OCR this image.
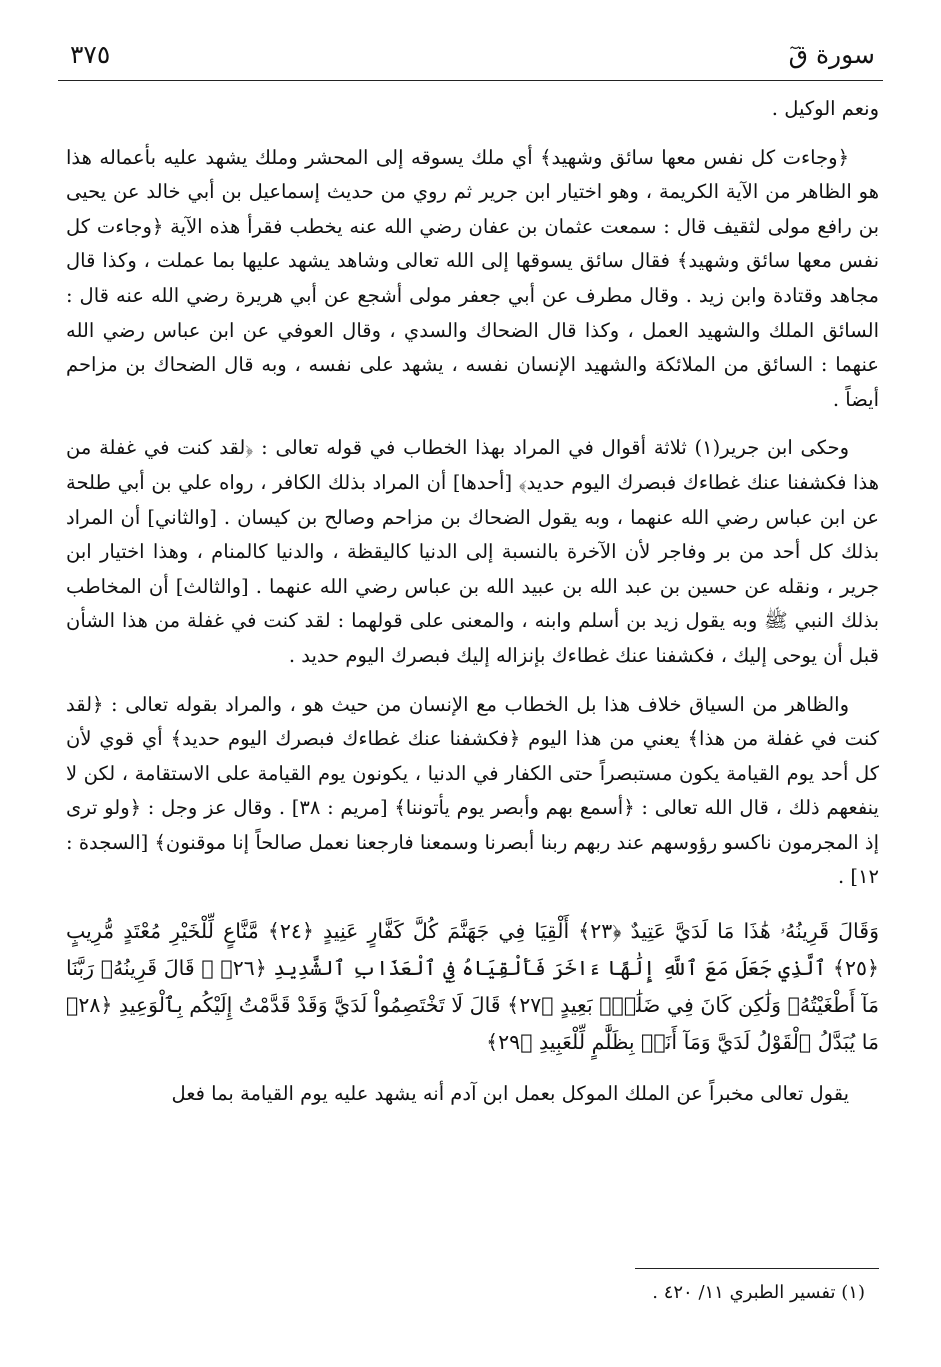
سورة قٓ
٣٧٥

ونعم الوكيل .

﴿وجاءت كل نفس معها سائق وشهيد﴾ أي ملك يسوقه إلى المحشر وملك يشهد عليه بأعماله هذا هو الظاهر من الآية الكريمة ، وهو اختيار ابن جرير ثم روي من حديث إسماعيل بن أبي خالد عن يحيى بن رافع مولى لثقيف قال : سمعت عثمان بن عفان رضي الله عنه يخطب فقرأ هذه الآية ﴿وجاءت كل نفس معها سائق وشهيد﴾ فقال سائق يسوقها إلى الله تعالى وشاهد يشهد عليها بما عملت ، وكذا قال مجاهد وقتادة وابن زيد . وقال مطرف عن أبي جعفر مولى أشجع عن أبي هريرة رضي الله عنه قال : السائق الملك والشهيد العمل ، وكذا قال الضحاك والسدي ، وقال العوفي عن ابن عباس رضي الله عنهما : السائق من الملائكة والشهيد الإنسان نفسه ، يشهد على نفسه ، وبه قال الضحاك بن مزاحم أيضاً .

وحكى ابن جرير(١) ثلاثة أقوال في المراد بهذا الخطاب في قوله تعالى : ﴿لقد كنت في غفلة من هذا فكشفنا عنك غطاءك فبصرك اليوم حديد﴾ [أحدها] أن المراد بذلك الكافر ، رواه علي بن أبي طلحة عن ابن عباس رضي الله عنهما ، وبه يقول الضحاك بن مزاحم وصالح بن كيسان . [والثاني] أن المراد بذلك كل أحد من بر وفاجر لأن الآخرة بالنسبة إلى الدنيا كاليقظة ، والدنيا كالمنام ، وهذا اختيار ابن جرير ، ونقله عن حسين بن عبد الله بن عبيد الله بن عباس رضي الله عنهما . [والثالث] أن المخاطب بذلك النبي ﷺ وبه يقول زيد بن أسلم وابنه ، والمعنى على قولهما : لقد كنت في غفلة من هذا الشأن قبل أن يوحى إليك ، فكشفنا عنك غطاءك بإنزاله إليك فبصرك اليوم حديد .

والظاهر من السياق خلاف هذا بل الخطاب مع الإنسان من حيث هو ، والمراد بقوله تعالى : ﴿لقد كنت في غفلة من هذا﴾ يعني من هذا اليوم ﴿فكشفنا عنك غطاءك فبصرك اليوم حديد﴾ أي قوي لأن كل أحد يوم القيامة يكون مستبصراً حتى الكفار في الدنيا ، يكونون يوم القيامة على الاستقامة ، لكن لا ينفعهم ذلك ، قال الله تعالى : ﴿أسمع بهم وأبصر يوم يأتوننا﴾ [مريم : ٣٨] . وقال عز وجل : ﴿ولو ترى إذ المجرمون ناكسو رؤوسهم عند ربهم ربنا أبصرنا وسمعنا فارجعنا نعمل صالحاً إنا موقنون﴾ [السجدة : ١٢] .

وَقَالَ قَرِينُهُۥ هَٰذَا مَا لَدَيَّ عَتِيدٌ ﴿٢٣﴾ أَلْقِيَا فِي جَهَنَّمَ كُلَّ كَفَّارٍ عَنِيدٍ ﴿٢٤﴾ مَّنَّاعٍ لِّلْخَيْرِ مُعْتَدٍ مُّرِيبٍ ﴿٢٥﴾ ٱلَّذِي جَعَلَ مَعَ ٱللَّهِ إِلَٰهًا ءَاخَرَ فَأَلْقِيَاهُ فِي ٱلْعَذَابِ ٱلشَّدِيدِ ﴿٢٦﴾ ۞ قَالَ قَرِينُهُۥ رَبَّنَا مَآ أَطْغَيْتُهُۥ وَلَٰكِن كَانَ فِي ضَلَٰلٍۭ بَعِيدٍ ﴿٢٧﴾ قَالَ لَا تَخْتَصِمُواْ لَدَيَّ وَقَدْ قَدَّمْتُ إِلَيْكُم بِٱلْوَعِيدِ ﴿٢٨﴾ مَا يُبَدَّلُ ٱلْقَوْلُ لَدَيَّ وَمَآ أَنَا۠ بِظَلَّٰمٍ لِّلْعَبِيدِ ﴿٢٩﴾

يقول تعالى مخبراً عن الملك الموكل بعمل ابن آدم أنه يشهد عليه يوم القيامة بما فعل

(١) تفسير الطبري ١١/ ٤٢٠ .
